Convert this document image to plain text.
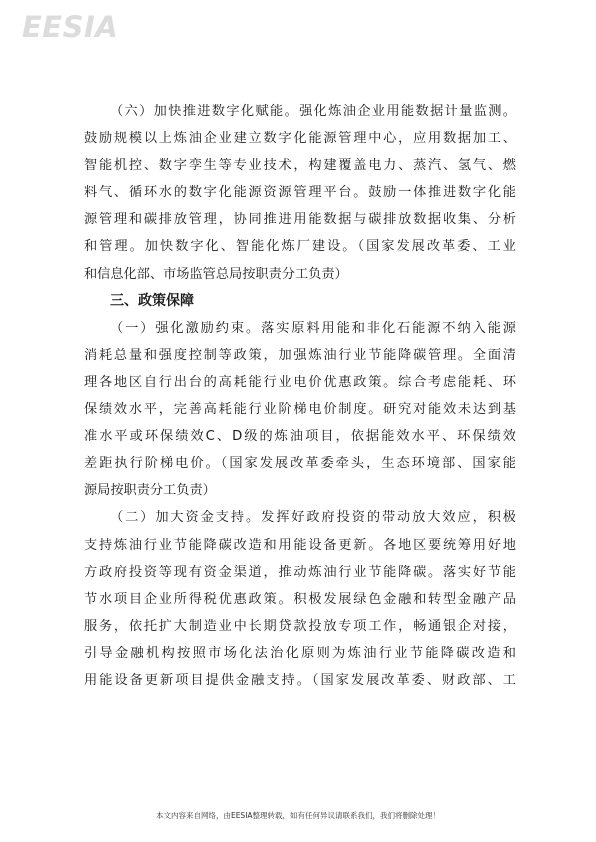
EESIA
（六）加快推进数字化赋能。强化炼油企业用能数据计量监测。
鼓励规模以上炼油企业建立数字化能源管理中心，应用数据加工、
智能机控、数字孪生等专业技术，构建覆盖电力、蒸汽、氢气、燃
料气、循环水的数字化能源资源管理平台。鼓励一体推进数字化能
源管理和碳排放管理，协同推进用能数据与碳排放数据收集、分析
和管理。加快数字化、智能化炼厂建设。（国家发展改革委、工业
和信息化部、市场监管总局按职责分工负责）
三、政策保障
（一）强化激励约束。落实原料用能和非化石能源不纳入能源
消耗总量和强度控制等政策，加强炼油行业节能降碳管理。全面清
理各地区自行出台的高耗能行业电价优惠政策。综合考虑能耗、环
保绩效水平，完善高耗能行业阶梯电价制度。研究对能效未达到基
准水平或环保绩效C、D级的炼油项目，依据能效水平、环保绩效
差距执行阶梯电价。（国家发展改革委牵头，生态环境部、国家能
源局按职责分工负责）
（二）加大资金支持。发挥好政府投资的带动放大效应，积极
支持炼油行业节能降碳改造和用能设备更新。各地区要统筹用好地
方政府投资等现有资金渠道，推动炼油行业节能降碳。落实好节能
节水项目企业所得税优惠政策。积极发展绿色金融和转型金融产品
服务，依托扩大制造业中长期贷款投放专项工作，畅通银企对接，
引导金融机构按照市场化法治化原则为炼油行业节能降碳改造和
用能设备更新项目提供金融支持。（国家发展改革委、财政部、工
本文内容来自网络，由EESIA整理转载，如有任何异议请联系我们，我们将删除处理！
